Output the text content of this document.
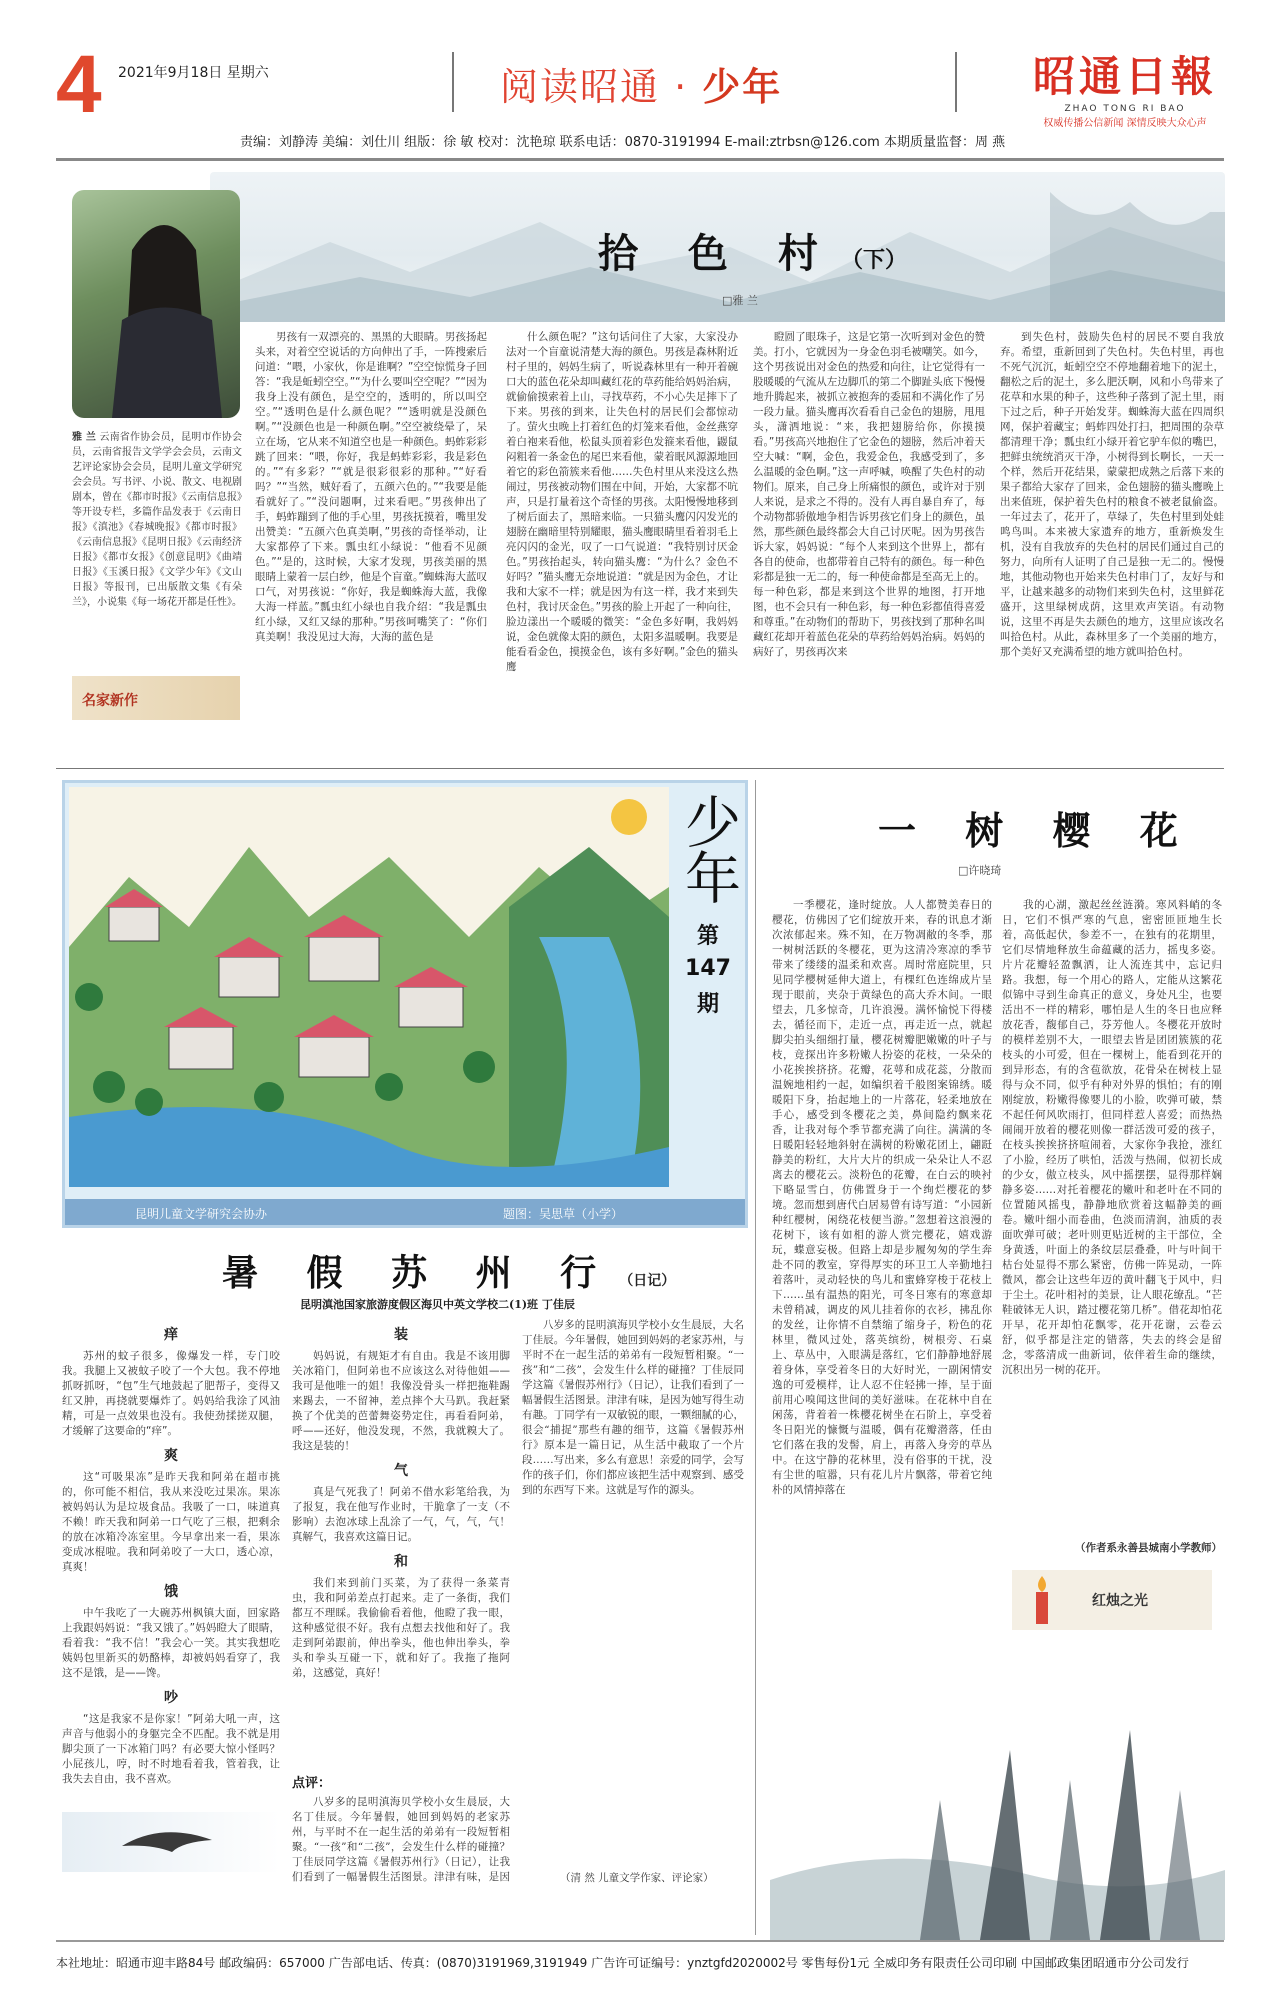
4 2021年9月18日 星期六	阅读昭通 · 少年	昭通日報
ZHAO TONG RI BAO
权威传播公信新闻 深情反映大众心声
责编：刘静涛 美编：刘仕川 组版：徐 敏 校对：沈艳琼 联系电话：0870-3191994 E-mail:ztrbsn@126.com 本期质量监督：周 燕
拾 色 村 （下）
□雅 兰
雅 兰 云南省作协会员，昆明市作协会员，云南省报告文学学会会员，云南文艺评论家协会会员，昆明儿童文学研究会会员。写书评、小说、散文、电视剧剧本，曾在《都市时报》《云南信息报》等开设专栏，多篇作品发表于《云南日报》《滇池》《春城晚报》《都市时报》《云南信息报》《昆明日报》《云南经济日报》《都市女报》《创意昆明》《曲靖日报》《玉溪日报》《文学少年》《文山日报》等报刊，已出版散文集《有朵兰》，小说集《每一场花开都是任性》。
名家新作

男孩有一双漂亮的、黑黑的大眼睛。男孩扬起头来，对着空空说话的方向伸出了手，一阵搜索后问道：“喂，小家伙，你是谁啊？”空空惊慌身子回答：“我是蚯蚓空空。”“为什么要叫空空呢？”“因为我身上没有颜色，是空空的，透明的，所以叫空空。”“透明色是什么颜色呢？”“透明就是没颜色啊。”“没颜色也是一种颜色啊。”空空被绕晕了，呆立在场，它从来不知道空也是一种颜色。蚂蚱彩彩跳了回来：“喂，你好，我是蚂蚱彩彩，我是彩色的。”“有多彩？”“就是很彩很彩的那种。”“好看吗？”“当然，贼好看了，五颜六色的。”“我要是能看就好了。”“没问题啊，过来看吧。”男孩伸出了手，蚂蚱蹦到了他的手心里，男孩抚摸着，嘴里发出赞美：“五颜六色真美啊，”男孩的奇怪举动，让大家都停了下来。瓢虫红小绿说：“他看不见颜色。”“是的，这时候，大家才发现，男孩美丽的黑眼睛上蒙着一层白纱，他是个盲童。”蜘蛛海大蓝叹口气，对男孩说：“你好，我是蜘蛛海大蓝，我像大海一样蓝。”瓢虫红小绿也自我介绍：“我是瓢虫红小绿，又红又绿的那种。”男孩呵嘴笑了：“你们真美啊！我没见过大海，大海的蓝色是

什么颜色呢？”这句话问住了大家，大家没办法对一个盲童说清楚大海的颜色。男孩是森林附近村子里的，妈妈生病了，听说森林里有一种开着碗口大的蓝色花朵却叫藏红花的草药能给妈妈治病，就偷偷摸索着上山，寻找草药，不小心失足摔下了下来。男孩的到来，让失色村的居民们会都惊动了。萤火虫晚上打着红色的灯笼来看他，金丝燕穿着白袍来看他，松鼠头顶着彩色发箍来看他，鼹鼠闷粗着一条金色的尾巴来看他，蒙着眠风源源地回着它的彩色箭簇来看他……失色村里从来没这么热闹过，男孩被动物们围在中间，开始，大家都不吭声，只是打量着这个奇怪的男孩。太阳慢慢地移到了树后面去了，黑暗来临。一只猫头鹰闪闪发光的翅膀在幽暗里特别耀眼，猫头鹰眼睛里看着羽毛上亮闪闪的金光，叹了一口气说道：“我特别讨厌金色。”男孩抬起头，转向猫头鹰：“为什么？金色不好吗？”猫头鹰无奈地说道：“就是因为金色，才让我和大家不一样；就是因为有这一样，我才来到失色村，我讨厌金色。”男孩的脸上开起了一种向往，脸边漾出一个暖暖的微笑：“金色多好啊，我妈妈说，金色就像太阳的颜色，太阳多温暖啊。我要是能看看金色，摸摸金色，该有多好啊。”金色的猫头鹰

瞪圆了眼珠子，这是它第一次听到对金色的赞美。打小，它就因为一身金色羽毛被嘲笑。如今，这个男孩说出对金色的热爱和向往，让它觉得有一股暖暖的气流从左边脚爪的第二个脚趾头底下慢慢地升腾起来，被抓立被抱奔的委屈和不满化作了另一段力量。猫头鹰再次看看自己金色的翅膀，甩甩头，潇洒地说：“来，我把翅膀给你，你摸摸看。”男孩高兴地抱住了它金色的翅膀，然后冲着天空大喊：“啊，金色，我爱金色，我感受到了，多么温暖的金色啊。”这一声呼喊，唤醒了失色村的动物们。原来，自己身上所痛恨的颜色，或许对于别人来说，是求之不得的。没有人再自暴自弃了，每个动物都骄傲地争相告诉男孩它们身上的颜色，虽然，那些颜色最终都会大自己讨厌呢。因为男孩告诉大家，妈妈说：“每个人来到这个世界上，都有各自的使命，也都带着自己特有的颜色。每一种色彩都是独一无二的，每一种使命都是至高无上的。每一种色彩，都是来到这个世界的地图，打开地图，也不会只有一种色彩，每一种色彩都值得喜爱和尊重。”在动物们的帮助下，男孩找到了那种名叫藏红花却开着蓝色花朵的草药给妈妈治病。妈妈的病好了，男孩再次来

到失色村，鼓励失色村的居民不要自我放弃。希望，重新回到了失色村。失色村里，再也不死气沉沉，蚯蚓空空不停地翻着地下的泥土，翻松之后的泥土，多么肥沃啊，风和小鸟带来了花草和水果的种子，这些种子落到了泥土里，雨下过之后，种子开始发芽。蜘蛛海大蓝在四周织网，保护着藏宝；蚂蚱四处打扫，把周围的杂草都清理干净；瓢虫红小绿开着它驴车似的嘴巴，把鲜虫统统消灭干净，小树得到长啊长，一天一个样，然后开花结果，蒙蒙把成熟之后落下来的果子都给大家存了回来，金色翅膀的猫头鹰晚上出来值班，保护着失色村的粮食不被老鼠偷盗。一年过去了，花开了，草绿了，失色村里到处蛙鸣鸟叫。本来被大家遗弃的地方，重新焕发生机，没有自我放弃的失色村的居民们通过自己的努力，向所有人证明了自己是独一无二的。慢慢地，其他动物也开始来失色村串门了，友好与和平，让越来越多的动物们来到失色村，这里鲜花盛开，这里绿树成荫，这里欢声笑语。有动物说，这里不再是失去颜色的地方，这里应该改名叫拾色村。从此，森林里多了一个美丽的地方，那个美好又充满希望的地方就叫拾色村。

少年
第
147
期
昆明儿童文学研究会协办	题图：吴思草（小学）
一 树 樱 花
□许晓琦

一季樱花，逢时绽放。人人都赞美春日的樱花，仿佛因了它们绽放开来，春的讯息才渐次浓郁起来。殊不知，在万物凋敝的冬季，那一树树活跃的冬樱花，更为这清冷寒凉的季节带来了缕缕的温柔和欢喜。周时常庭院里，只见同学樱树延伸大道上，有棵红色连绵成片呈现于眼前，夹杂于黄绿色的高大乔木间。一眼望去，几多惊奇，几许浪漫。满怀愉悦下得楼去，循径而下，走近一点，再走近一点，就起脚尖拍头细细打量，樱花树瓣肥嫩嫩的叶子与枝，竟探出许多粉嫩人扮姿的花枝，一朵朵的小花挨挨挤挤。花瓣，花萼和成花蕊，分散而温婉地相约一起，如编织着千般图案锦绣。暖暖阳下身，抬起地上的一片落花，轻柔地放在手心，感受到冬樱花之美，鼻间隐约飘来花香，让我对每个季节都充满了向往。满满的冬日暖阳轻轻地斜射在满树的粉嫩花团上，翩跹静美的粉红，大片大片的织成一朵朵让人不忍离去的樱花云。淡粉色的花瓣，在白云的映衬下略显雪白，仿佛置身于一个绚烂樱花的梦境。忽而想到唐代白居易曾有诗写道：“小园新种红樱树，闲绕花枝便当游。”忽想着这浪漫的花树下，该有如相的游人赏完樱花，嬉戏游玩，蝶意妄极。但路上却是步履匆匆的学生奔赴不同的教室，穿得厚实的环卫工人辛勤地扫着落叶，灵动轻快的鸟儿和蜜蜂穿梭于花枝上下……虽有温热的阳光，可冬日寒有的寒意却未曾稍减，调皮的风儿挂着你的衣衫，拂乱你的发丝，让你情不自禁缩了缩身子，粉色的花林里，微风过处，落英缤纷，树根旁、石桌上、草丛中，入眼满是落红，它们静静地舒展着身体，享受着冬日的大好时光，一副闲情安逸的可爱模样，让人忍不住轻拂一捧，呈于面前用心嗅闻这世间的美好滋味。在花林中自在闲荡，背着着一株樱花树坐在石阶上，享受着冬日阳光的慷慨与温暖，偶有花瓣潜落，任由它们落在我的发髻，肩上，再落入身旁的草丛中。在这宁静的花林里，没有俗事的干扰，没有尘世的喧嚣，只有花儿片片飘落，带着它纯朴的风情掉落在

我的心湖，激起丝丝涟漪。寒风料峭的冬日，它们不惧严寒的气息，密密匝匝地生长着，高低起伏，参差不一，在独有的花期里，它们尽情地释放生命蕴藏的活力，摇曳多姿。片片花瓣轻盈飘洒，让人流连其中，忘记归路。我想，每一个用心的路人，定能从这繁花似锦中寻到生命真正的意义，身处凡尘，也要活出不一样的精彩，哪怕是人生的冬日也应释放花香，馥郁自己，芬芳他人。冬樱花开放时的模样差别不大，一眼望去皆是团团簇簇的花枝头的小可爱，但在一棵树上，能看到花开的到异形态，有的含苞欲放，花骨朵在树枝上显得与众不同，似乎有种对外界的惧怕；有的刚刚绽放，粉嫩得像婴儿的小脸，吹弹可破，禁不起任何风吹雨打，但同样惹人喜爱；而热热闹闹开放着的樱花则像一群活泼可爱的孩子，在枝头挨挨挤挤喧闹着，大家你争我抢，涨红了小脸，经历了哄怕，活泼与热闹，似初长成的少女，傲立枝头，风中摇摆摆，显得那样娴静多姿……对托着樱花的嫩叶和老叶在不同的位置随风摇曳，静静地欣赏着这幅静美的画卷。嫩叶细小而卷曲，色淡而清润，油质的表面吹弹可破；老叶则更贴近树的主干部位，全身黄透，叶面上的条纹层层叠叠，叶与叶间干枯台处显得不那么紧密，仿佛一阵晃动，一阵微风，都会让这些年迈的黄叶翻飞于风中，归于尘土。花叶相衬的美景，让人眼花缭乱。“芒鞋破钵无人识，踏过樱花第几桥”。借花却怕花开早，花开却怕花飘零，花开花谢，云卷云舒，似乎都是注定的错落，失去的终会是留念，零落清成一曲新词，依伴着生命的继续，沉积出另一树的花开。

（作者系永善县城南小学教师）
红烛之光
暑 假 苏 州 行 （日记）
昆明滇池国家旅游度假区海贝中英文学校二(1)班 丁佳辰
痒

苏州的蚊子很多，像爆发一样，专门咬我。我腿上又被蚊子咬了一个大包。我不停地抓呀抓呀，“包”生气地鼓起了肥帮子，变得又红又肿，再挠就要爆炸了。妈妈给我涂了风油精，可是一点效果也没有。我使劲揉搓双腿，才缓解了这要命的“痒”。

爽

这“可吸果冻”是昨天我和阿弟在超市挑的，你可能不相信，我从来没吃过果冻。果冻被妈妈认为是垃圾食品。我吸了一口，味道真不赖！昨天我和阿弟一口气吃了三根，把剩余的放在冰箱冷冻室里。今早拿出来一看，果冻变成冰棍啦。我和阿弟咬了一大口，透心凉，真爽！

饿

中午我吃了一大碗苏州枫镇大面，回家路上我跟妈妈说：“我又饿了。”妈妈瞪大了眼睛，看着我：“我不信！”我会心一笑。其实我想吃姨妈包里新买的奶酪棒，却被妈妈看穿了，我这不是饿，是——馋。

吵

“这是我家不是你家！”阿弟大吼一声，这声音与他弱小的身躯完全不匹配。我不就是用脚尖顶了一下冰箱门吗？有必要大惊小怪吗？小屁孩儿，哼，时不时地看着我，管着我，让我失去自由，我不喜欢。

装

妈妈说，有规矩才有自由。我是不该用脚关冰箱门，但阿弟也不应该这么对待他姐——我可是他唯一的姐！我像没骨头一样把拖鞋踢来踢去，一不留神，差点摔个大马趴。我赶紧换了个优美的芭蕾舞姿势定住，再看看阿弟，呼——还好，他没发现，不然，我就糗大了。我这是装的！

气

真是气死我了！阿弟不借水彩笔给我，为了报复，我在他写作业时，干脆拿了一支（不影响）去泡冰球上乱涂了一气，气，气，气！真解气，我喜欢这篇日记。

和

我们来到前门买菜，为了获得一条菜青虫，我和阿弟差点打起来。走了一条街，我们都互不理睬。我偷偷看着他，他瞪了我一眼，这种感觉很不好。我有点想去找他和好了。我走到阿弟跟前，伸出拳头，他也伸出拳头，拳头和拳头互碰一下，就和好了。我拖了拖阿弟，这感觉，真好！

点评：

八岁多的昆明滇海贝学校小女生晨辰，大名丁佳辰。今年暑假，她回到妈妈的老家苏州，与平时不在一起生活的弟弟有一段短暂相聚。“一孩”和“二孩”，会发生什么样的碰撞？丁佳辰同学这篇《暑假苏州行》（日记），让我们看到了一幅暑假生活图景。津津有味，是因

八岁多的昆明滇海贝学校小女生晨辰，大名丁佳辰。今年暑假，她回到妈妈的老家苏州，与平时不在一起生活的弟弟有一段短暂相聚。“一孩”和“二孩”，会发生什么样的碰撞？丁佳辰同学这篇《暑假苏州行》（日记），让我们看到了一幅暑假生活图景。津津有味，是因为她写得生动有趣。丁同学有一双敏锐的眼，一颗细腻的心，很会“捕捉”那些有趣的细节，这篇《暑假苏州行》原本是一篇日记，从生活中截取了一个片段……写出来，多么有意思！亲爱的同学，会写作的孩子们，你们都应该把生活中观察到、感受到的东西写下来。这就是写作的源头。

（清 然 儿童文学作家、评论家）
本社地址：昭通市迎丰路84号 邮政编码：657000 广告部电话、传真：(0870)3191969,3191949 广告许可证编号：ynztgfd2020002号 零售每份1元 全威印务有限责任公司印刷 中国邮政集团昭通市分公司发行
